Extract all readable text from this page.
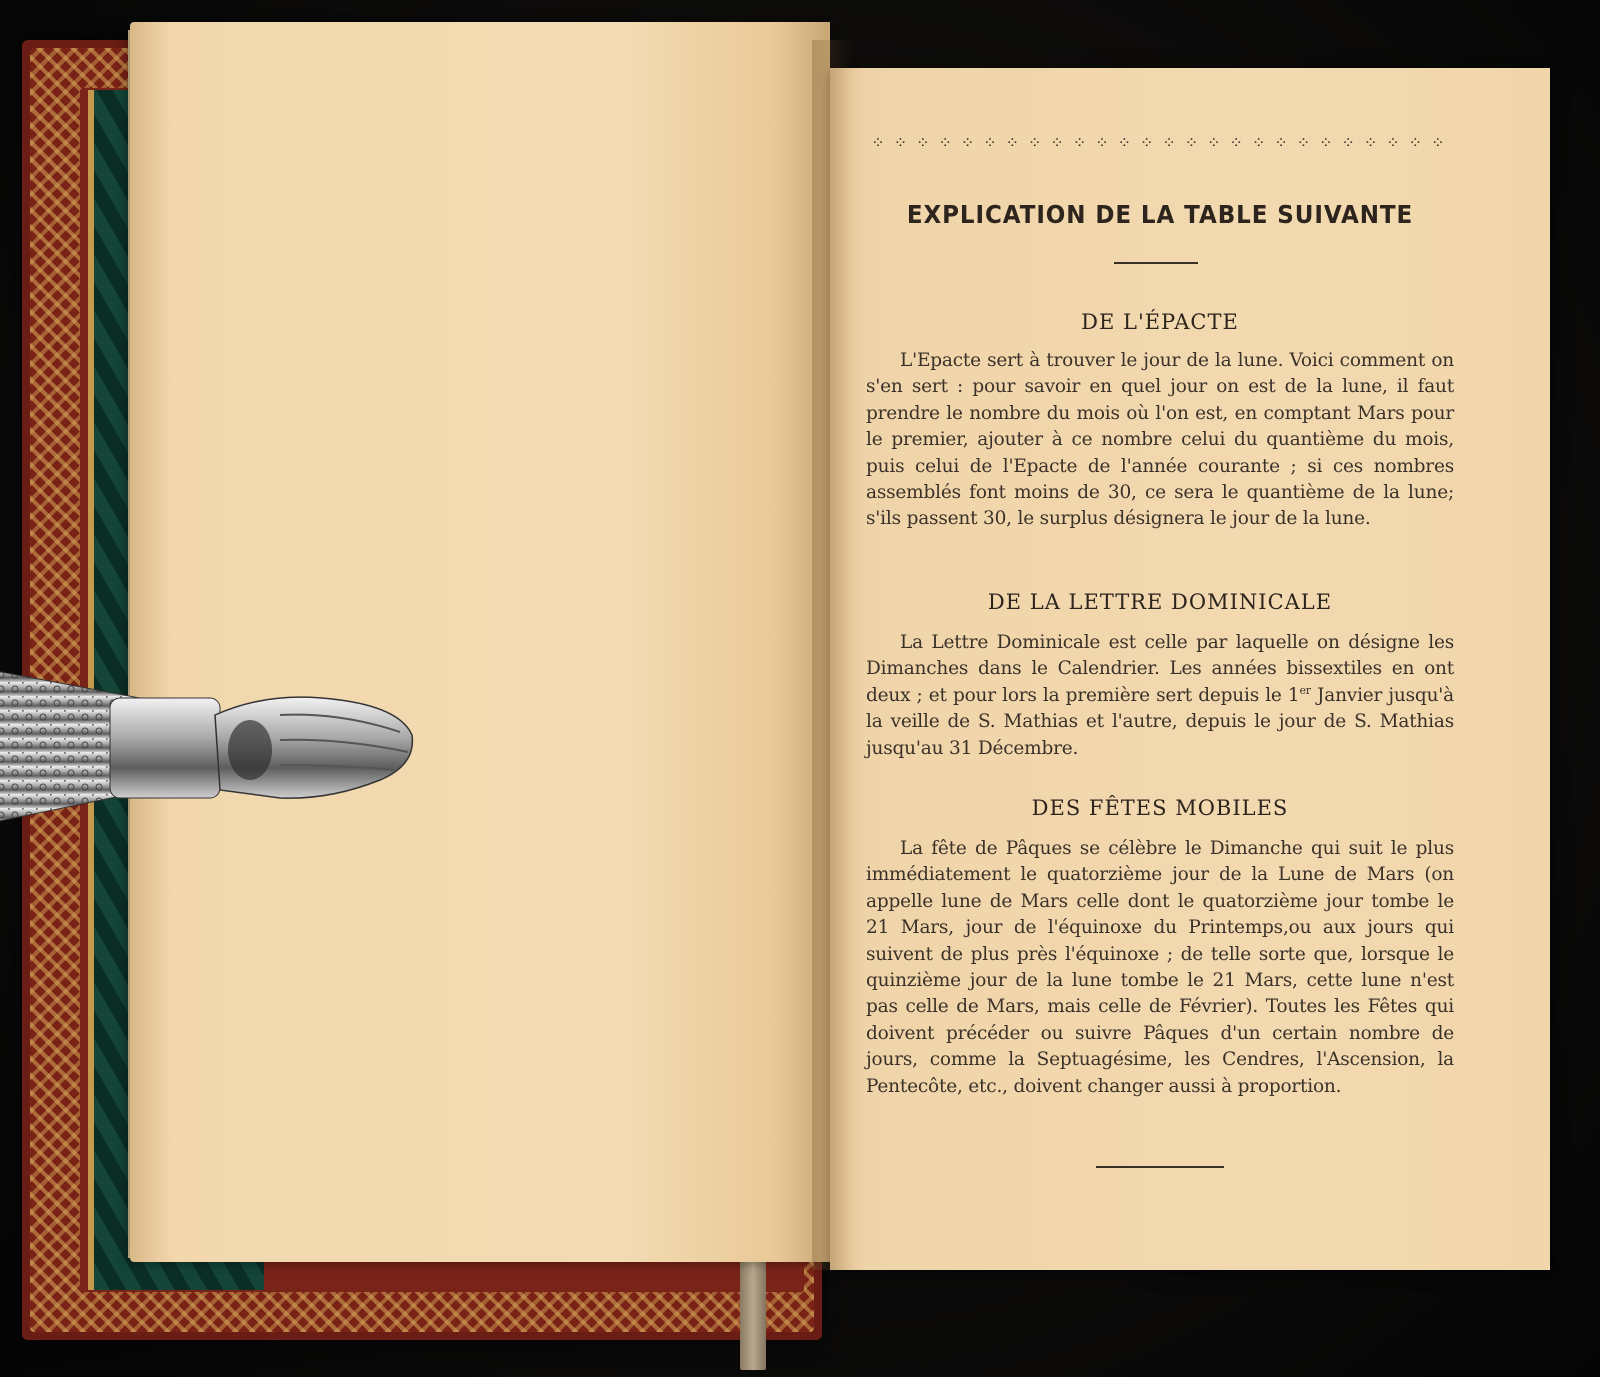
⁘ ⁘ ⁘ ⁘ ⁘ ⁘ ⁘ ⁘ ⁘ ⁘ ⁘ ⁘ ⁘ ⁘ ⁘ ⁘ ⁘ ⁘ ⁘ ⁘ ⁘ ⁘ ⁘ ⁘ ⁘ ⁘
EXPLICATION DE LA TABLE SUIVANTE
DE L'ÉPACTE

L'Epacte sert à trouver le jour de la lune. Voici comment on s'en sert : pour savoir en quel jour on est de la lune, il faut prendre le nombre du mois où l'on est, en comptant Mars pour le premier, ajouter à ce nombre celui du quantième du mois, puis celui de l'Epacte de l'année courante ; si ces nombres assemblés font moins de 30, ce sera le quantième de la lune; s'ils passent 30, le surplus désignera le jour de la lune.

DE LA LETTRE DOMINICALE

La Lettre Dominicale est celle par laquelle on désigne les Dimanches dans le Calendrier. Les années bissextiles en ont deux ; et pour lors la première sert depuis le 1er Janvier jusqu'à la veille de S. Mathias et l'autre, depuis le jour de S. Mathias jusqu'au 31 Décembre.

DES FÊTES MOBILES

La fête de Pâques se célèbre le Dimanche qui suit le plus immédiatement le quatorzième jour de la Lune de Mars (on appelle lune de Mars celle dont le quatorzième jour tombe le 21 Mars, jour de l'équinoxe du Printemps,ou aux jours qui suivent de plus près l'équinoxe ; de telle sorte que, lorsque le quinzième jour de la lune tombe le 21 Mars, cette lune n'est pas celle de Mars, mais celle de Février). Toutes les Fêtes qui doivent précéder ou suivre Pâques d'un certain nombre de jours, comme la Septuagésime, les Cendres, l'Ascension, la Pentecôte, etc., doivent changer aussi à proportion.
